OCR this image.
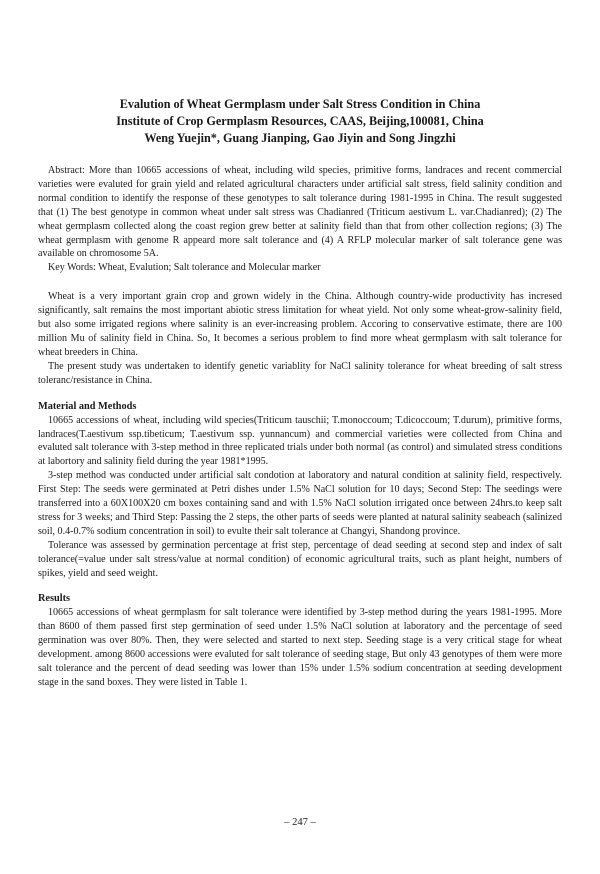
Evalution of Wheat Germplasm under Salt Stress Condition in China
Institute of Crop Germplasm Resources, CAAS, Beijing,100081, China
Weng Yuejin*, Guang Jianping, Gao Jiyin and Song Jingzhi

Abstract: More than 10665 accessions of wheat, including wild species, primitive forms, landraces and recent commercial varieties were evaluted for grain yield and related agricultural characters under artificial salt stress, field salinity condition and normal condition to identify the response of these genotypes to salt tolerance during 1981-1995 in China. The result suggested that (1) The best genotype in common wheat under salt stress was Chadianred (Triticum aestivum L. var.Chadianred); (2) The wheat germplasm collected along the coast region grew better at salinity field than that from other collection regions; (3) The wheat germplasm with genome R appeard more salt tolerance and (4) A RFLP molecular marker of salt tolerance gene was available on chromosome 5A.

Key Words: Wheat, Evalution; Salt tolerance and Molecular marker

Wheat is a very important grain crop and grown widely in the China. Although country-wide productivity has incresed significantly, salt remains the most important abiotic stress limitation for wheat yield. Not only some wheat-grow-salinity field, but also some irrigated regions where salinity is an ever-increasing problem. Accoring to conservative estimate, there are 100 million Mu of salinity field in China. So, It becomes a serious problem to find more wheat germplasm with salt tolerance for wheat breeders in China.

The present study was undertaken to identify genetic variablity for NaCl salinity tolerance for wheat breeding of salt stress toleranc/resistance in China.

Material and Methods

10665 accessions of wheat, including wild species(Triticum tauschii; T.monoccoum; T.dicoccoum; T.durum), primitive forms, landraces(T.aestivum ssp.tibeticum; T.aestivum ssp. yunnancum) and commercial varieties were collected from China and evaluted salt tolerance with 3-step method in three replicated trials under both normal (as control) and simulated stress conditions at labortory and salinity field during the year 1981*1995.

3-step method was conducted under artificial salt condotion at laboratory and natural condition at salinity field, respectively. First Step: The seeds were germinated at Petri dishes under 1.5% NaCl solution for 10 days; Second Step: The seedings were transferred into a 60X100X20 cm boxes containing sand and with 1.5% NaCl solution irrigated once between 24hrs.to keep salt stress for 3 weeks; and Third Step: Passing the 2 steps, the other parts of seeds were planted at natural salinity seabeach (salinized soil, 0.4-0.7% sodium concentration in soil) to evulte their salt tolerance at Changyi, Shandong province.

Tolerance was assessed by germination percentage at frist step, percentage of dead seeding at second step and index of salt tolerance(=value under salt stress/value at normal condition) of economic agricultural traits, such as plant height, numbers of spikes, yield and seed weight.

Results

10665 accessions of wheat germplasm for salt tolerance were identified by 3-step method during the years 1981-1995. More than 8600 of them passed first step germination of seed under 1.5% NaCl solution at laboratory and the percentage of seed germination was over 80%. Then, they were selected and started to next step. Seeding stage is a very critical stage for wheat development. among 8600 accessions were evaluted for salt tolerance of seeding stage, But only 43 genotypes of them were more salt tolerance and the percent of dead seeding was lower than 15% under 1.5% sodium concentration at seeding development stage in the sand boxes. They were listed in Table 1.

– 247 –
